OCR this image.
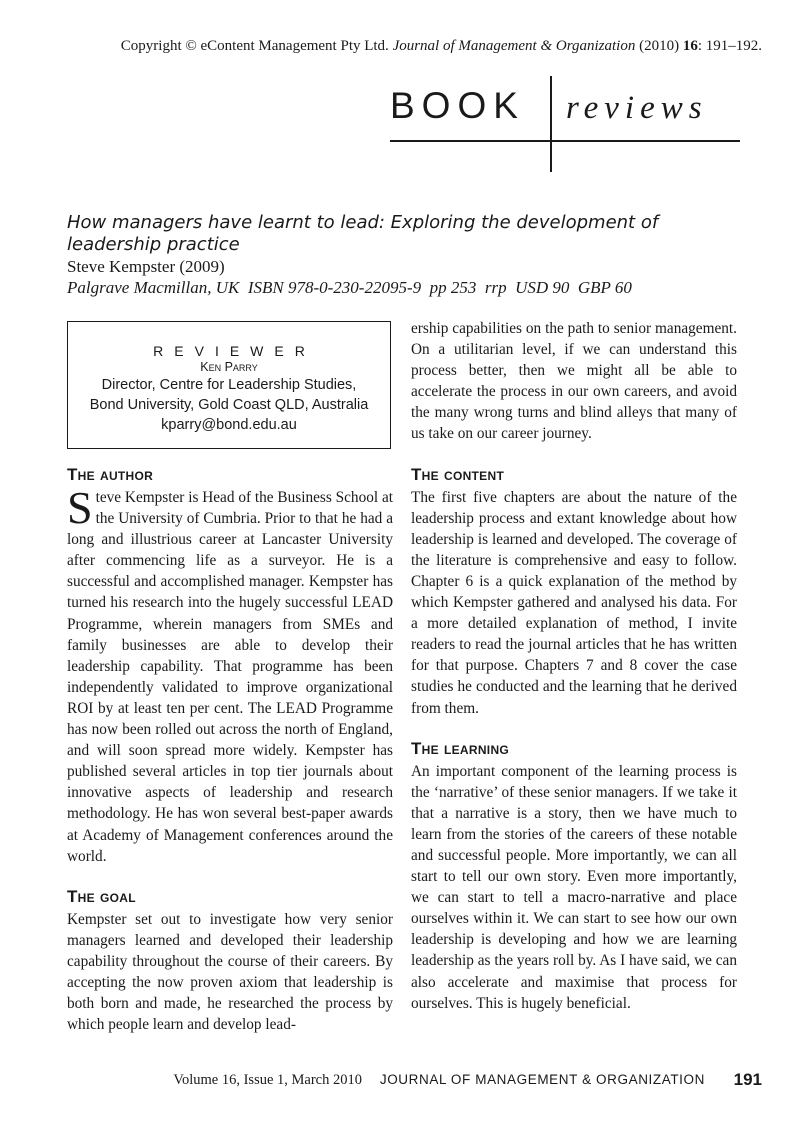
Copyright © eContent Management Pty Ltd. Journal of Management & Organization (2010) 16: 191–192.
BOOK	reviews
How managers have learnt to lead: Exploring the development of leadership practice
Steve Kempster (2009)
Palgrave Macmillan, UK  ISBN 978-0-230-22095-9  pp 253  rrp  USD 90  GBP 60
REVIEWER
Ken Parry
Director, Centre for Leadership Studies,
Bond University, Gold Coast QLD, Australia
kparry@bond.edu.au
The author

Steve Kempster is Head of the Business School at the University of Cumbria. Prior to that he had a long and illustrious career at Lancaster University after commencing life as a surveyor. He is a successful and accomplished manager. Kempster has turned his research into the hugely successful LEAD Programme, wherein managers from SMEs and family businesses are able to develop their leadership capability. That programme has been independently validated to improve organizational ROI by at least ten per cent. The LEAD Programme has now been rolled out across the north of England, and will soon spread more widely. Kempster has published several articles in top tier journals about innovative aspects of leadership and research methodology. He has won several best-paper awards at Academy of Management conferences around the world.

The goal

Kempster set out to investigate how very senior managers learned and developed their leadership capability throughout the course of their careers. By accepting the now proven axiom that leadership is both born and made, he researched the process by which people learn and develop lead-

ership capabilities on the path to senior management. On a utilitarian level, if we can understand this process better, then we might all be able to accelerate the process in our own careers, and avoid the many wrong turns and blind alleys that many of us take on our career journey.

The content

The first five chapters are about the nature of the leadership process and extant knowledge about how leadership is learned and developed. The coverage of the literature is comprehensive and easy to follow. Chapter 6 is a quick explanation of the method by which Kempster gathered and analysed his data. For a more detailed explanation of method, I invite readers to read the journal articles that he has written for that purpose. Chapters 7 and 8 cover the case studies he conducted and the learning that he derived from them.

The learning

An important component of the learning process is the ‘narrative’ of these senior managers. If we take it that a narrative is a story, then we have much to learn from the stories of the careers of these notable and successful people. More importantly, we can all start to tell our own story. Even more importantly, we can start to tell a macro-narrative and place ourselves within it. We can start to see how our own leadership is developing and how we are learning leadership as the years roll by. As I have said, we can also accelerate and maximise that process for ourselves. This is hugely beneficial.

Volume 16, Issue 1, March 2010 JOURNAL OF MANAGEMENT & ORGANIZATION 191
